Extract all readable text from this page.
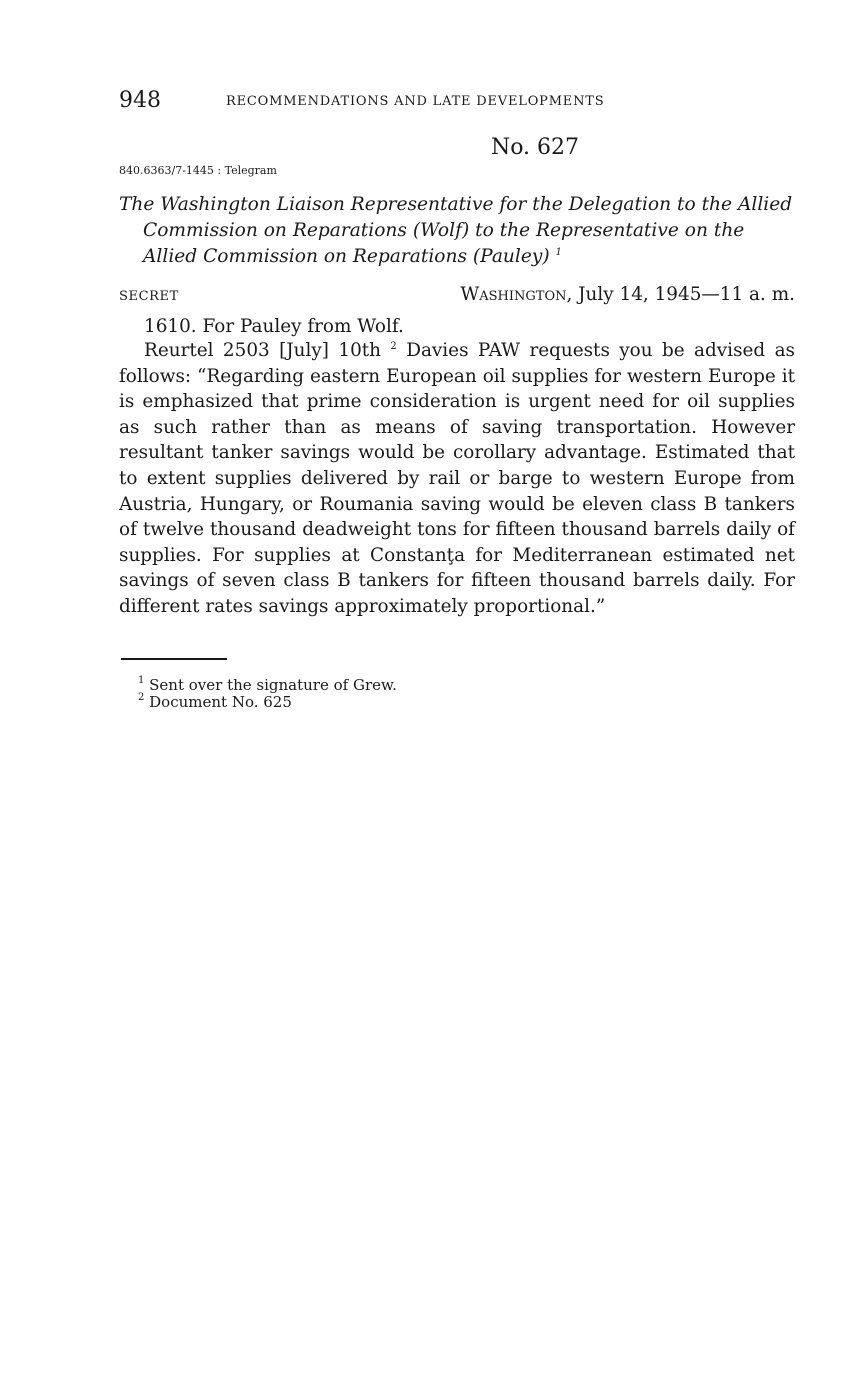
948	RECOMMENDATIONS AND LATE DEVELOPMENTS
No. 627
840.6363/7-1445 : Telegram

The Washington Liaison Representative for the Delegation to the Allied Commission on Reparations (Wolf) to the Representative on the Allied Commission on Reparations (Pauley) $^1$

SECRET	Washington, July 14, 1945—11 a. m.
1610. For Pauley from Wolf.

Reurtel 2503 [July] 10th $^2$ Davies PAW requests you be advised as follows: “Regarding eastern European oil supplies for western Europe it is emphasized that prime consideration is urgent need for oil supplies as such rather than as means of saving transportation. However resultant tanker savings would be corollary advantage. Estimated that to extent supplies delivered by rail or barge to western Europe from Austria, Hungary, or Roumania saving would be eleven class B tankers of twelve thousand deadweight tons for fifteen thousand barrels daily of supplies. For supplies at Constanţa for Mediterranean estimated net savings of seven class B tankers for fifteen thousand barrels daily. For different rates savings approximately proportional.”

$^1$ Sent over the signature of Grew.
$^2$ Document No. 625
